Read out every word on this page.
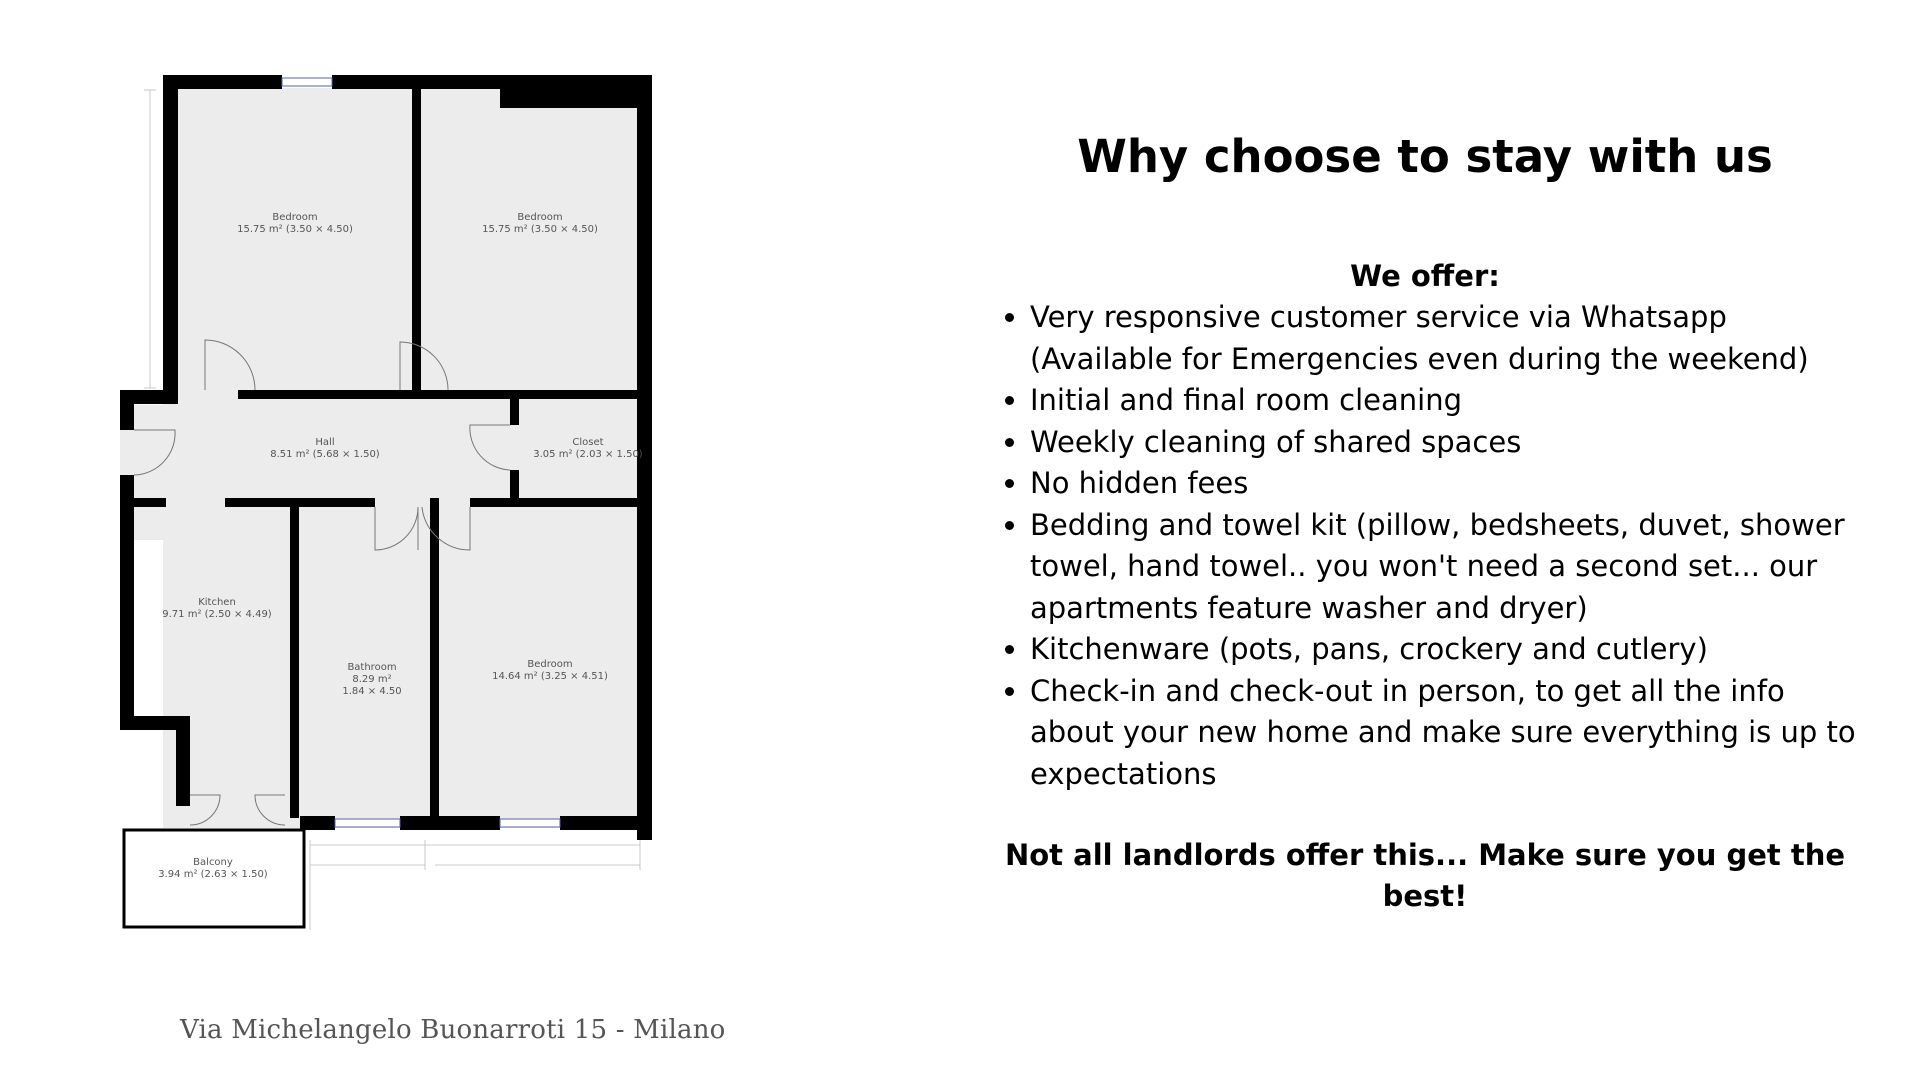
Bedroom
15.75 m² (3.50 × 4.50)
Bedroom
15.75 m² (3.50 × 4.50)
Hall
8.51 m² (5.68 × 1.50)
Closet
3.05 m² (2.03 × 1.50)
Kitchen
9.71 m² (2.50 × 4.49)
Bathroom
8.29 m²
1.84 × 4.50
Bedroom
14.64 m² (3.25 × 4.51)
Balcony
3.94 m² (2.63 × 1.50)
Via Michelangelo Buonarroti 15 - Milano
Why choose to stay with us

We offer:

• Very responsive customer service via Whatsapp (Available for Emergencies even during the weekend)
• Initial and final room cleaning
• Weekly cleaning of shared spaces
• No hidden fees
• Bedding and towel kit (pillow, bedsheets, duvet, shower towel, hand towel.. you won't need a second set... our apartments feature washer and dryer)
• Kitchenware (pots, pans, crockery and cutlery)
• Check-in and check-out in person, to get all the info about your new home and make sure everything is up to expectations

Not all landlords offer this... Make sure you get the best!
